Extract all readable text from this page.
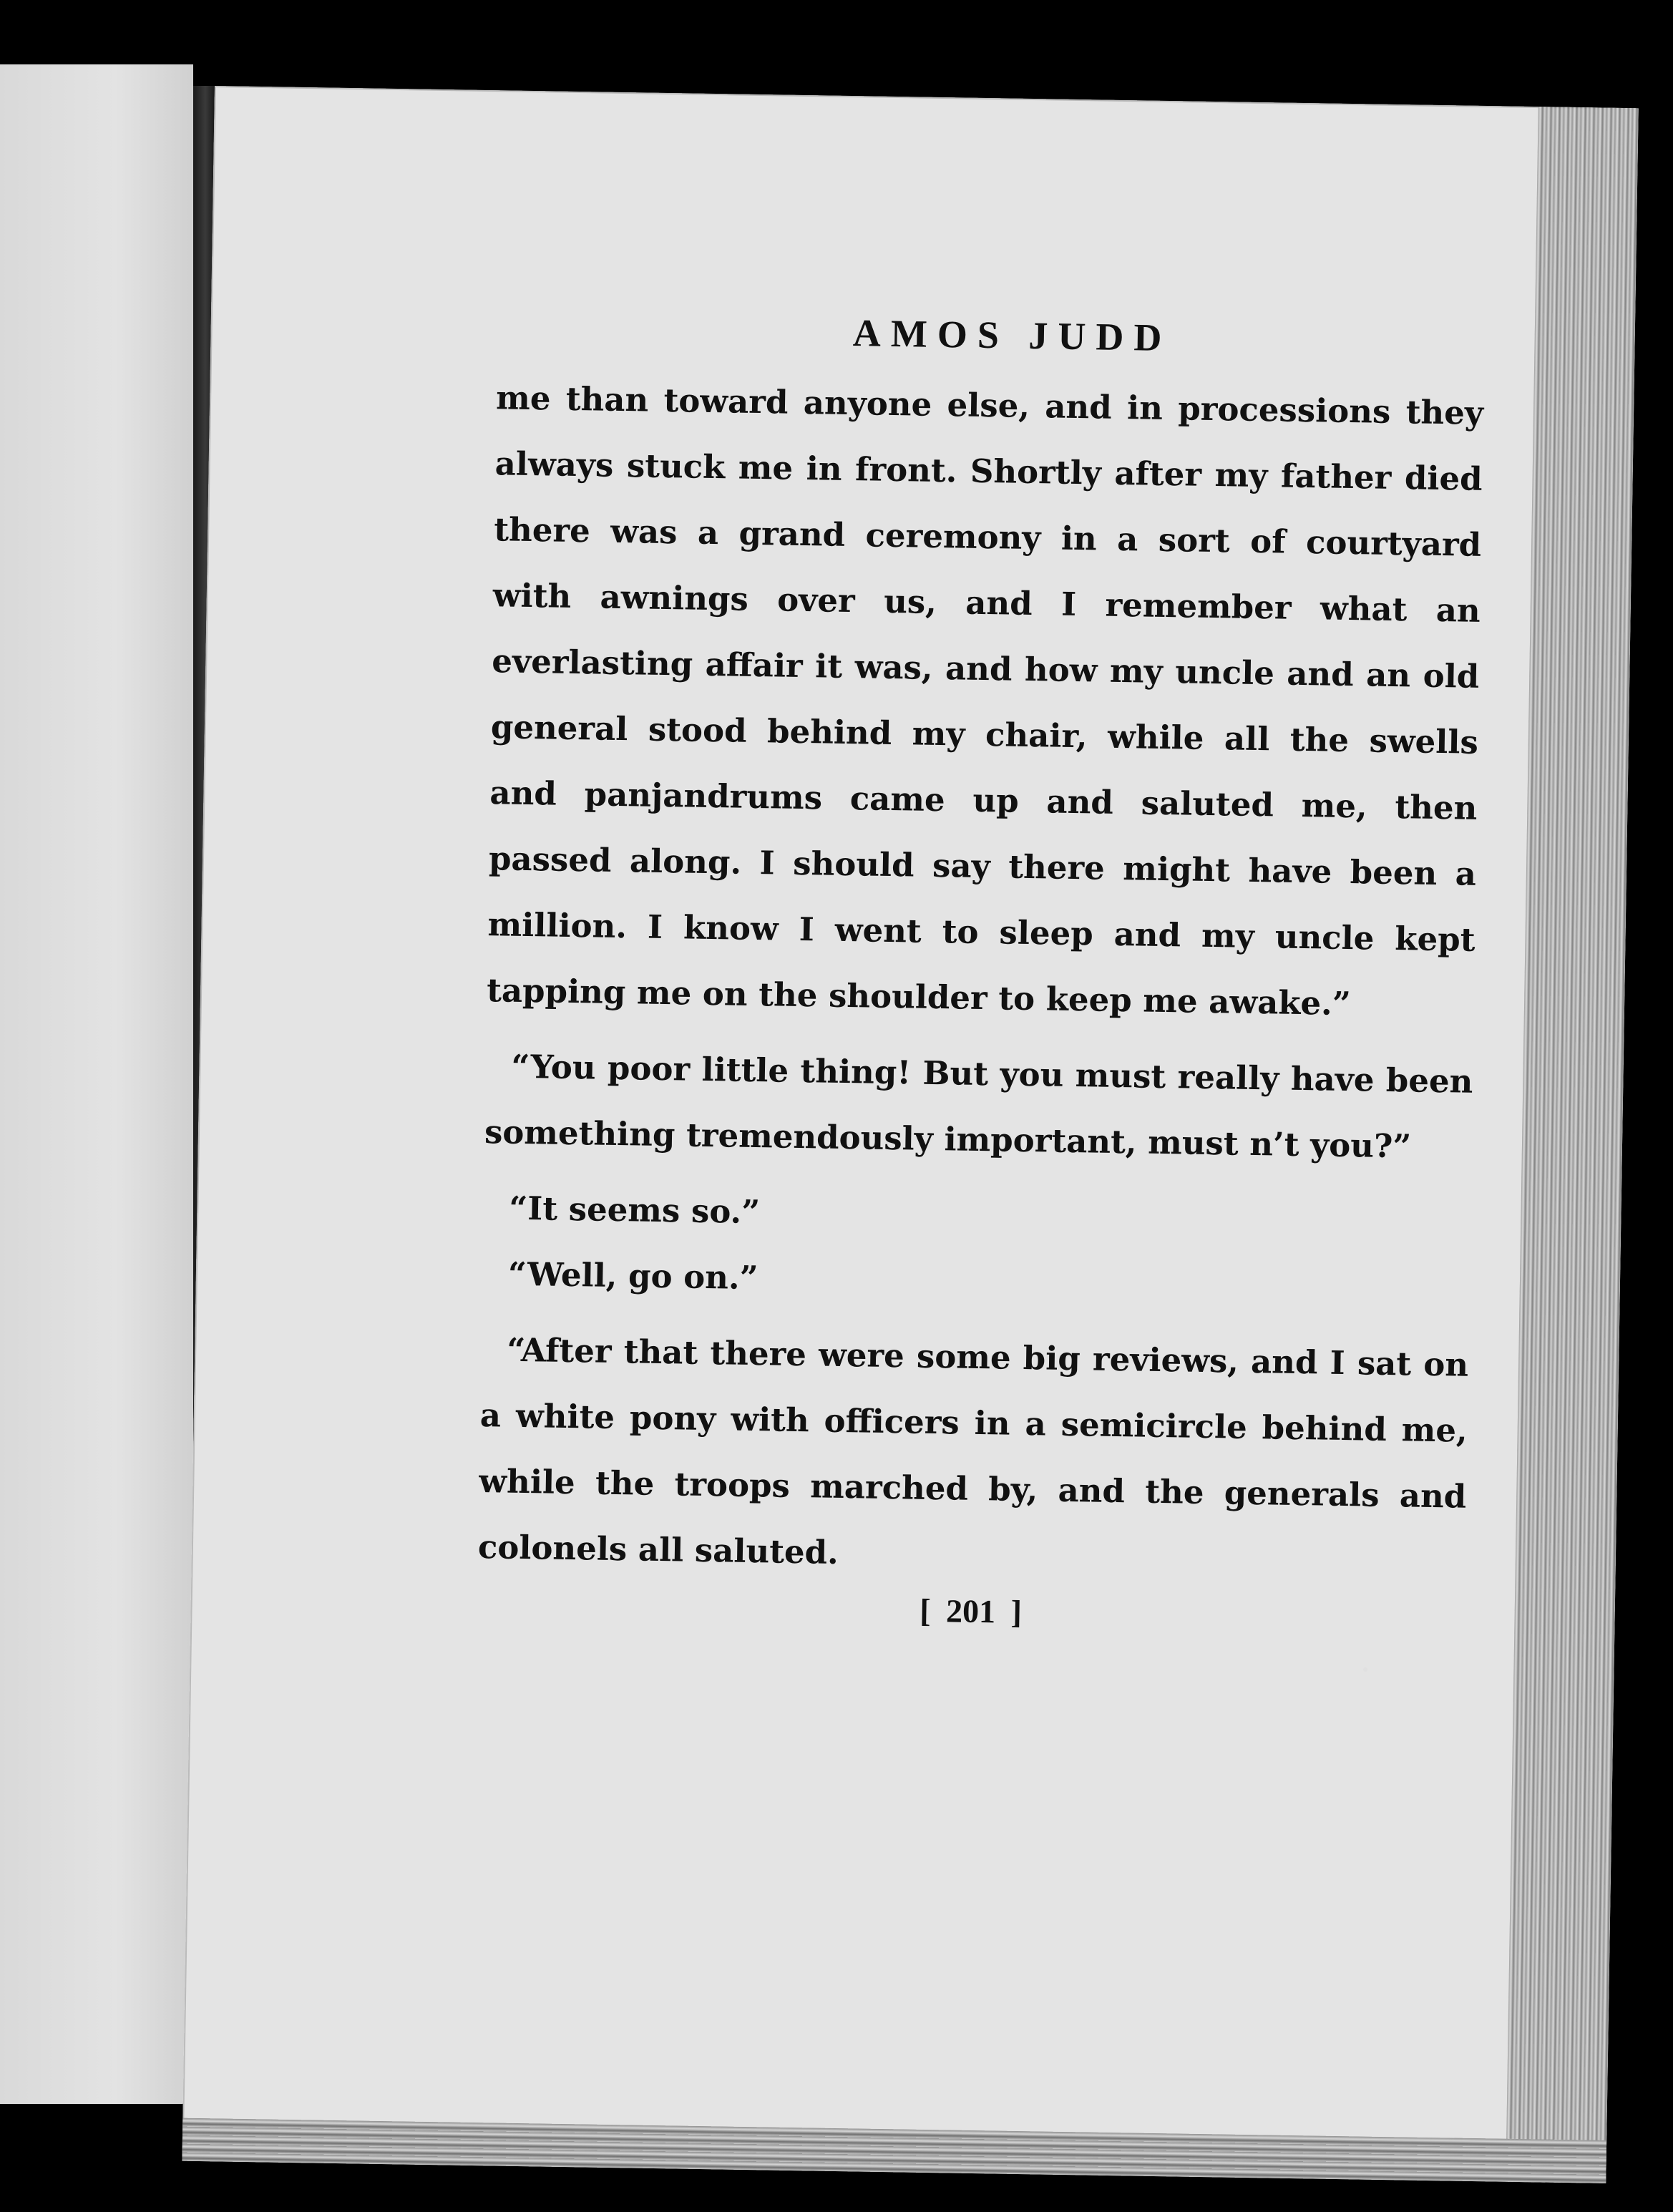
AMOS JUDD

me than toward anyone else, and in processions they always stuck me in front. Shortly after my father died there was a grand ceremony in a sort of courtyard with awnings over us, and I remember what an everlasting affair it was, and how my uncle and an old general stood behind my chair, while all the swells and panjandrums came up and saluted me, then passed along. I should say there might have been a million. I know I went to sleep and my uncle kept tapping me on the shoulder to keep me awake.”

“You poor little thing! But you must really have been something tremendously important, must n’t you?”

“It seems so.”

“Well, go on.”

“After that there were some big reviews, and I sat on a white pony with officers in a semicircle behind me, while the troops marched by, and the generals and colonels all saluted.

[ 201 ]
